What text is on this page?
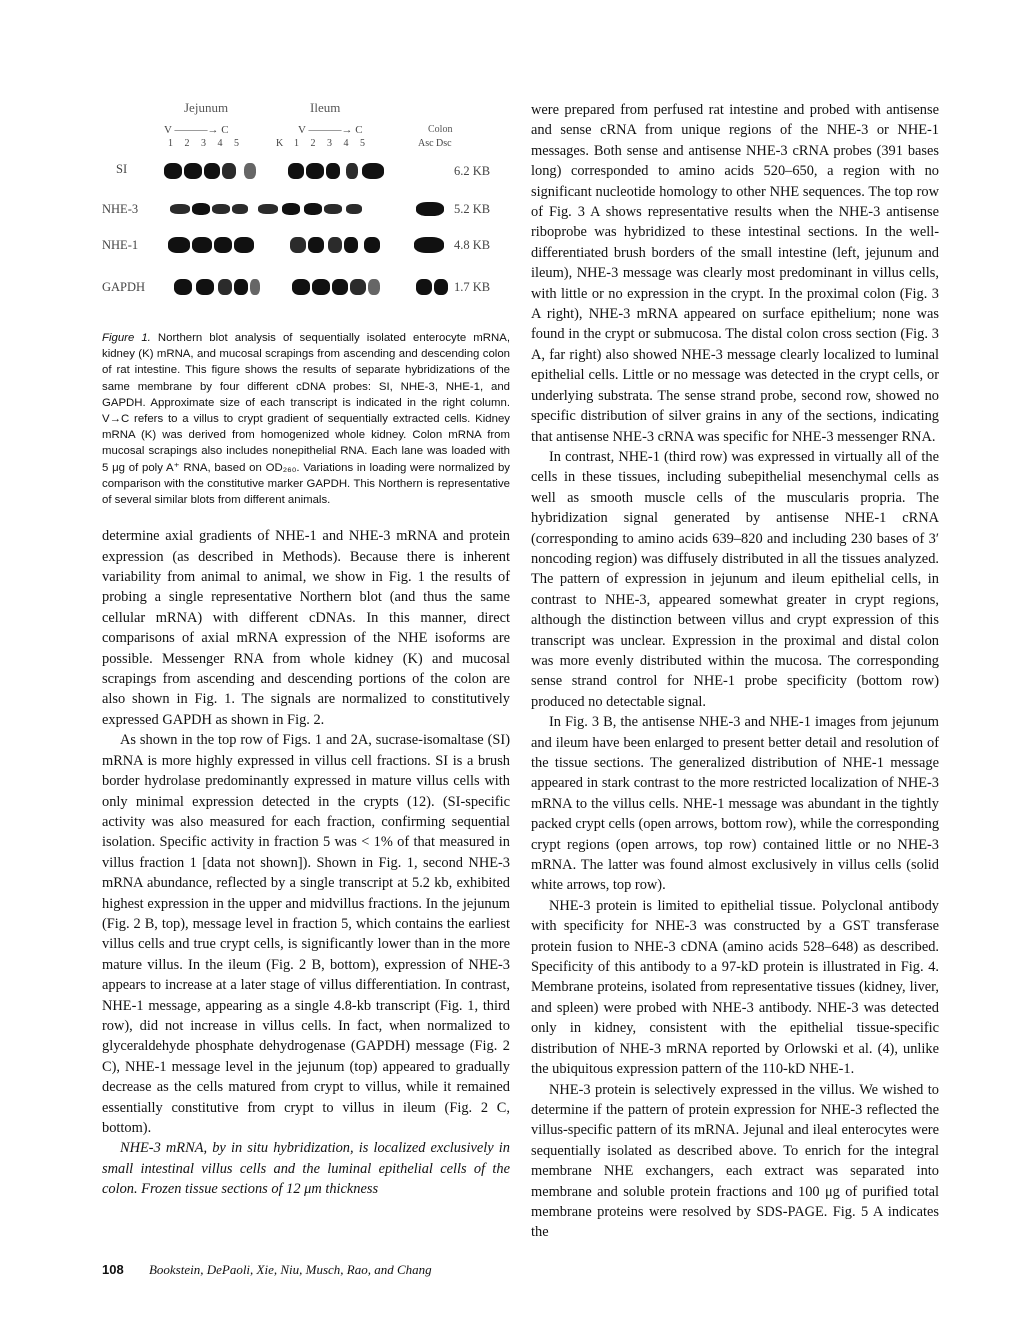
Jejunum	Ileum
Colon
V ———→ C	V ———→ C
1 2 3 4 5	K 1 2 3 4 5	Asc Dsc
SI	6.2 KB
NHE-3	5.2 KB
NHE-1	4.8 KB
GAPDH	1.7 KB

Figure 1. Northern blot analysis of sequentially isolated enterocyte mRNA, kidney (K) mRNA, and mucosal scrapings from ascending and descending colon of rat intestine. This figure shows the results of separate hybridizations of the same membrane by four different cDNA probes: SI, NHE-3, NHE-1, and GAPDH. Approximate size of each transcript is indicated in the right column. V→C refers to a villus to crypt gradient of sequentially extracted cells. Kidney mRNA (K) was derived from homogenized whole kidney. Colon mRNA from mucosal scrapings also includes nonepithelial RNA. Each lane was loaded with 5 μg of poly A⁺ RNA, based on OD₂₆₀. Variations in loading were normalized by comparison with the constitutive marker GAPDH. This Northern is representative of several similar blots from different animals.

determine axial gradients of NHE-1 and NHE-3 mRNA and protein expression (as described in Methods). Because there is inherent variability from animal to animal, we show in Fig. 1 the results of probing a single representative Northern blot (and thus the same cellular mRNA) with different cDNAs. In this manner, direct comparisons of axial mRNA expression of the NHE isoforms are possible. Messenger RNA from whole kidney (K) and mucosal scrapings from ascending and descending portions of the colon are also shown in Fig. 1. The signals are normalized to constitutively expressed GAPDH as shown in Fig. 2.

As shown in the top row of Figs. 1 and 2A, sucrase-isomaltase (SI) mRNA is more highly expressed in villus cell fractions. SI is a brush border hydrolase predominantly expressed in mature villus cells with only minimal expression detected in the crypts (12). (SI-specific activity was also measured for each fraction, confirming sequential isolation. Specific activity in fraction 5 was < 1% of that measured in villus fraction 1 [data not shown]). Shown in Fig. 1, second NHE-3 mRNA abundance, reflected by a single transcript at 5.2 kb, exhibited highest expression in the upper and midvillus fractions. In the jejunum (Fig. 2 B, top), message level in fraction 5, which contains the earliest villus cells and true crypt cells, is significantly lower than in the more mature villus. In the ileum (Fig. 2 B, bottom), expression of NHE-3 appears to increase at a later stage of villus differentiation. In contrast, NHE-1 message, appearing as a single 4.8-kb transcript (Fig. 1, third row), did not increase in villus cells. In fact, when normalized to glyceraldehyde phosphate dehydrogenase (GAPDH) message (Fig. 2 C), NHE-1 message level in the jejunum (top) appeared to gradually decrease as the cells matured from crypt to villus, while it remained essentially constitutive from crypt to villus in ileum (Fig. 2 C, bottom).

NHE-3 mRNA, by in situ hybridization, is localized exclusively in small intestinal villus cells and the luminal epithelial cells of the colon. Frozen tissue sections of 12 μm thickness

were prepared from perfused rat intestine and probed with antisense and sense cRNA from unique regions of the NHE-3 or NHE-1 messages. Both sense and antisense NHE-3 cRNA probes (391 bases long) corresponded to amino acids 520–650, a region with no significant nucleotide homology to other NHE sequences. The top row of Fig. 3 A shows representative results when the NHE-3 antisense riboprobe was hybridized to these intestinal sections. In the well-differentiated brush borders of the small intestine (left, jejunum and ileum), NHE-3 message was clearly most predominant in villus cells, with little or no expression in the crypt. In the proximal colon (Fig. 3 A right), NHE-3 mRNA appeared on surface epithelium; none was found in the crypt or submucosa. The distal colon cross section (Fig. 3 A, far right) also showed NHE-3 message clearly localized to luminal epithelial cells. Little or no message was detected in the crypt cells, or underlying substrata. The sense strand probe, second row, showed no specific distribution of silver grains in any of the sections, indicating that antisense NHE-3 cRNA was specific for NHE-3 messenger RNA.

In contrast, NHE-1 (third row) was expressed in virtually all of the cells in these tissues, including subepithelial mesenchymal cells as well as smooth muscle cells of the muscularis propria. The hybridization signal generated by antisense NHE-1 cRNA (corresponding to amino acids 639–820 and including 230 bases of 3′ noncoding region) was diffusely distributed in all the tissues analyzed. The pattern of expression in jejunum and ileum epithelial cells, in contrast to NHE-3, appeared somewhat greater in crypt regions, although the distinction between villus and crypt expression of this transcript was unclear. Expression in the proximal and distal colon was more evenly distributed within the mucosa. The corresponding sense strand control for NHE-1 probe specificity (bottom row) produced no detectable signal.

In Fig. 3 B, the antisense NHE-3 and NHE-1 images from jejunum and ileum have been enlarged to present better detail and resolution of the tissue sections. The generalized distribution of NHE-1 message appeared in stark contrast to the more restricted localization of NHE-3 mRNA to the villus cells. NHE-1 message was abundant in the tightly packed crypt cells (open arrows, bottom row), while the corresponding crypt regions (open arrows, top row) contained little or no NHE-3 mRNA. The latter was found almost exclusively in villus cells (solid white arrows, top row).

NHE-3 protein is limited to epithelial tissue. Polyclonal antibody with specificity for NHE-3 was constructed by a GST transferase protein fusion to NHE-3 cDNA (amino acids 528–648) as described. Specificity of this antibody to a 97-kD protein is illustrated in Fig. 4. Membrane proteins, isolated from representative tissues (kidney, liver, and spleen) were probed with NHE-3 antibody. NHE-3 was detected only in kidney, consistent with the epithelial tissue-specific distribution of NHE-3 mRNA reported by Orlowski et al. (4), unlike the ubiquitous expression pattern of the 110-kD NHE-1.

NHE-3 protein is selectively expressed in the villus. We wished to determine if the pattern of protein expression for NHE-3 reflected the villus-specific pattern of its mRNA. Jejunal and ileal enterocytes were sequentially isolated as described above. To enrich for the integral membrane NHE exchangers, each extract was separated into membrane and soluble protein fractions and 100 μg of purified total membrane proteins were resolved by SDS-PAGE. Fig. 5 A indicates the

108 Bookstein, DePaoli, Xie, Niu, Musch, Rao, and Chang
